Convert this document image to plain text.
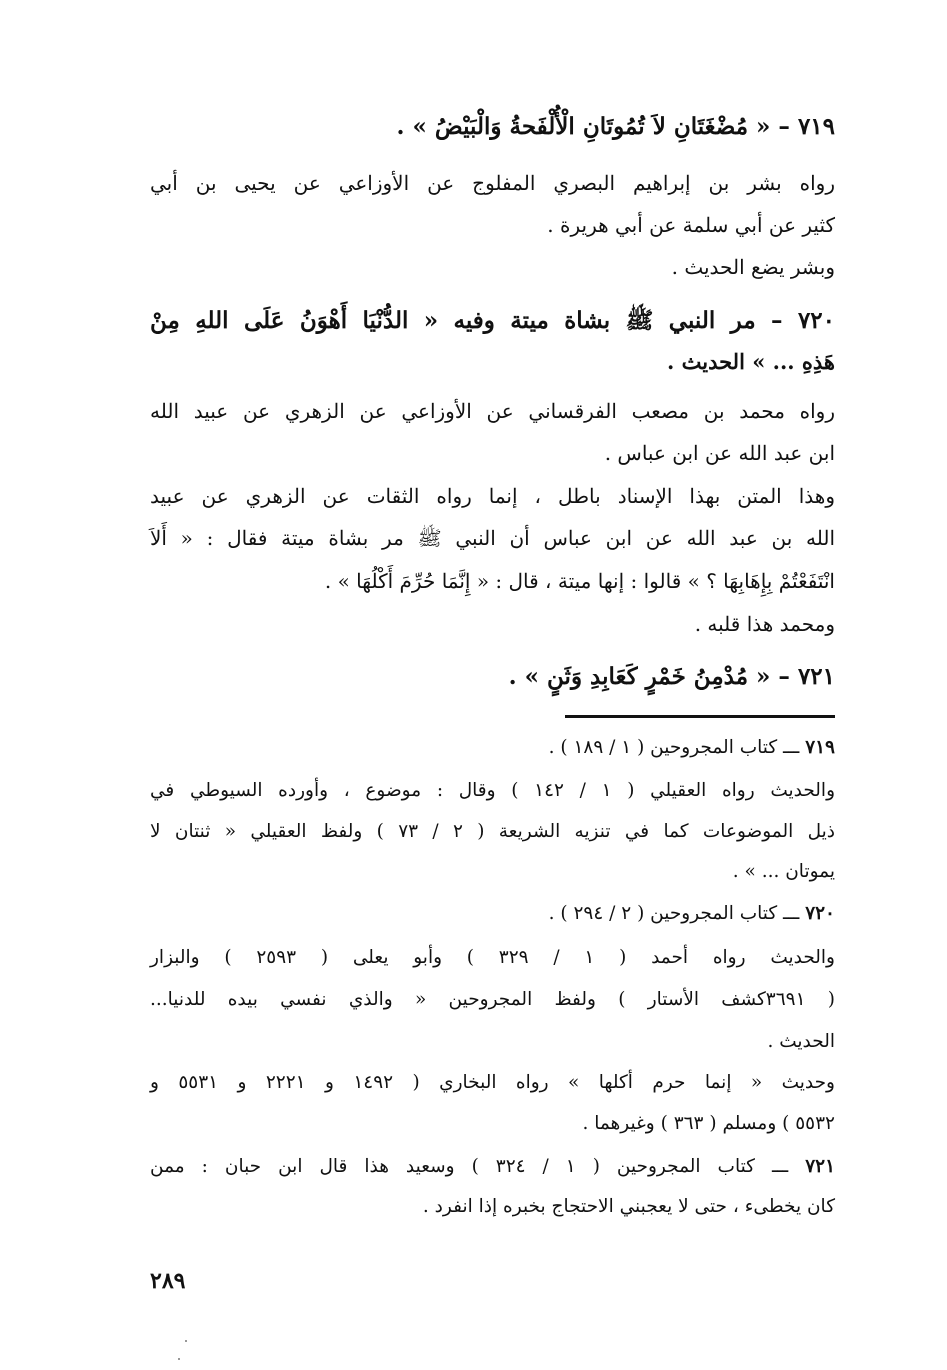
٧١٩ – « مُضْغَتَانِ لاَ تُمُوتَانِ الْأُلْفَحةُ وَالْبَيْضُ » .
رواه بشر بن إبراهيم البصري المفلوج عن الأوزاعي عن يحيى بن أبي
كثير عن أبي سلمة عن أبي هريرة .
وبشر يضع الحديث .
٧٢٠ – مر النبي ﷺ بشاة ميتة وفيه « الدُّنْيَا أَهْوَنُ عَلَى اللهِ مِنْ
هَذِهِ ... » الحديث .
رواه محمد بن مصعب الفرقساني عن الأوزاعي عن الزهري عن عبيد الله
ابن عبد الله عن ابن عباس .
وهذا المتن بهذا الإسناد باطل ، إنما رواه الثقات عن الزهري عن عبيد
الله بن عبد الله عن ابن عباس أن النبي ﷺ مر بشاة ميتة فقال : « أَلاَ
انْتَفَعْتُمْ بِإِهَابِهَا ؟ » قالوا : إنها ميتة ، قال : « إِنَّمَا حُرِّمَ أَكْلُهَا » .
ومحمد هذا قلبه .
٧٢١ – « مُدْمِنُ خَمْرٍ كَعَابِدِ وَثَنٍ » .
٧١٩ ـــ كتاب المجروحين ( ١ / ١٨٩ ) .
والحديث رواه العقيلي ( ١ / ١٤٢ ) وقال : موضوع ، وأورده السيوطي في
ذيل الموضوعات كما في تنزيه الشريعة ( ٢ / ٧٣ ) ولفظ العقيلي « ثنتان لا
يموتان ... » .
٧٢٠ ـــ كتاب المجروحين ( ٢ / ٢٩٤ ) .
والحديث رواه أحمد ( ١ / ٣٢٩ ) وأبو يعلى ( ٢٥٩٣ ) والبزار
( ٣٦٩١كشف الأستار ) ولفظ المجروحين « والذي نفسي بيده للدنيا...
الحديث .
وحديث « إنما حرم أكلها » رواه البخاري ( ١٤٩٢ و ٢٢٢١ و ٥٥٣١ و
٥٥٣٢ ) ومسلم ( ٣٦٣ ) وغيرهما .
٧٢١ ـــ كتاب المجروحين ( ١ / ٣٢٤ ) وسعيد هذا قال ابن حبان : ممن
كان يخطىء ، حتى لا يعجبني الاحتجاج بخبره إذا انفرد .
٢٨٩
